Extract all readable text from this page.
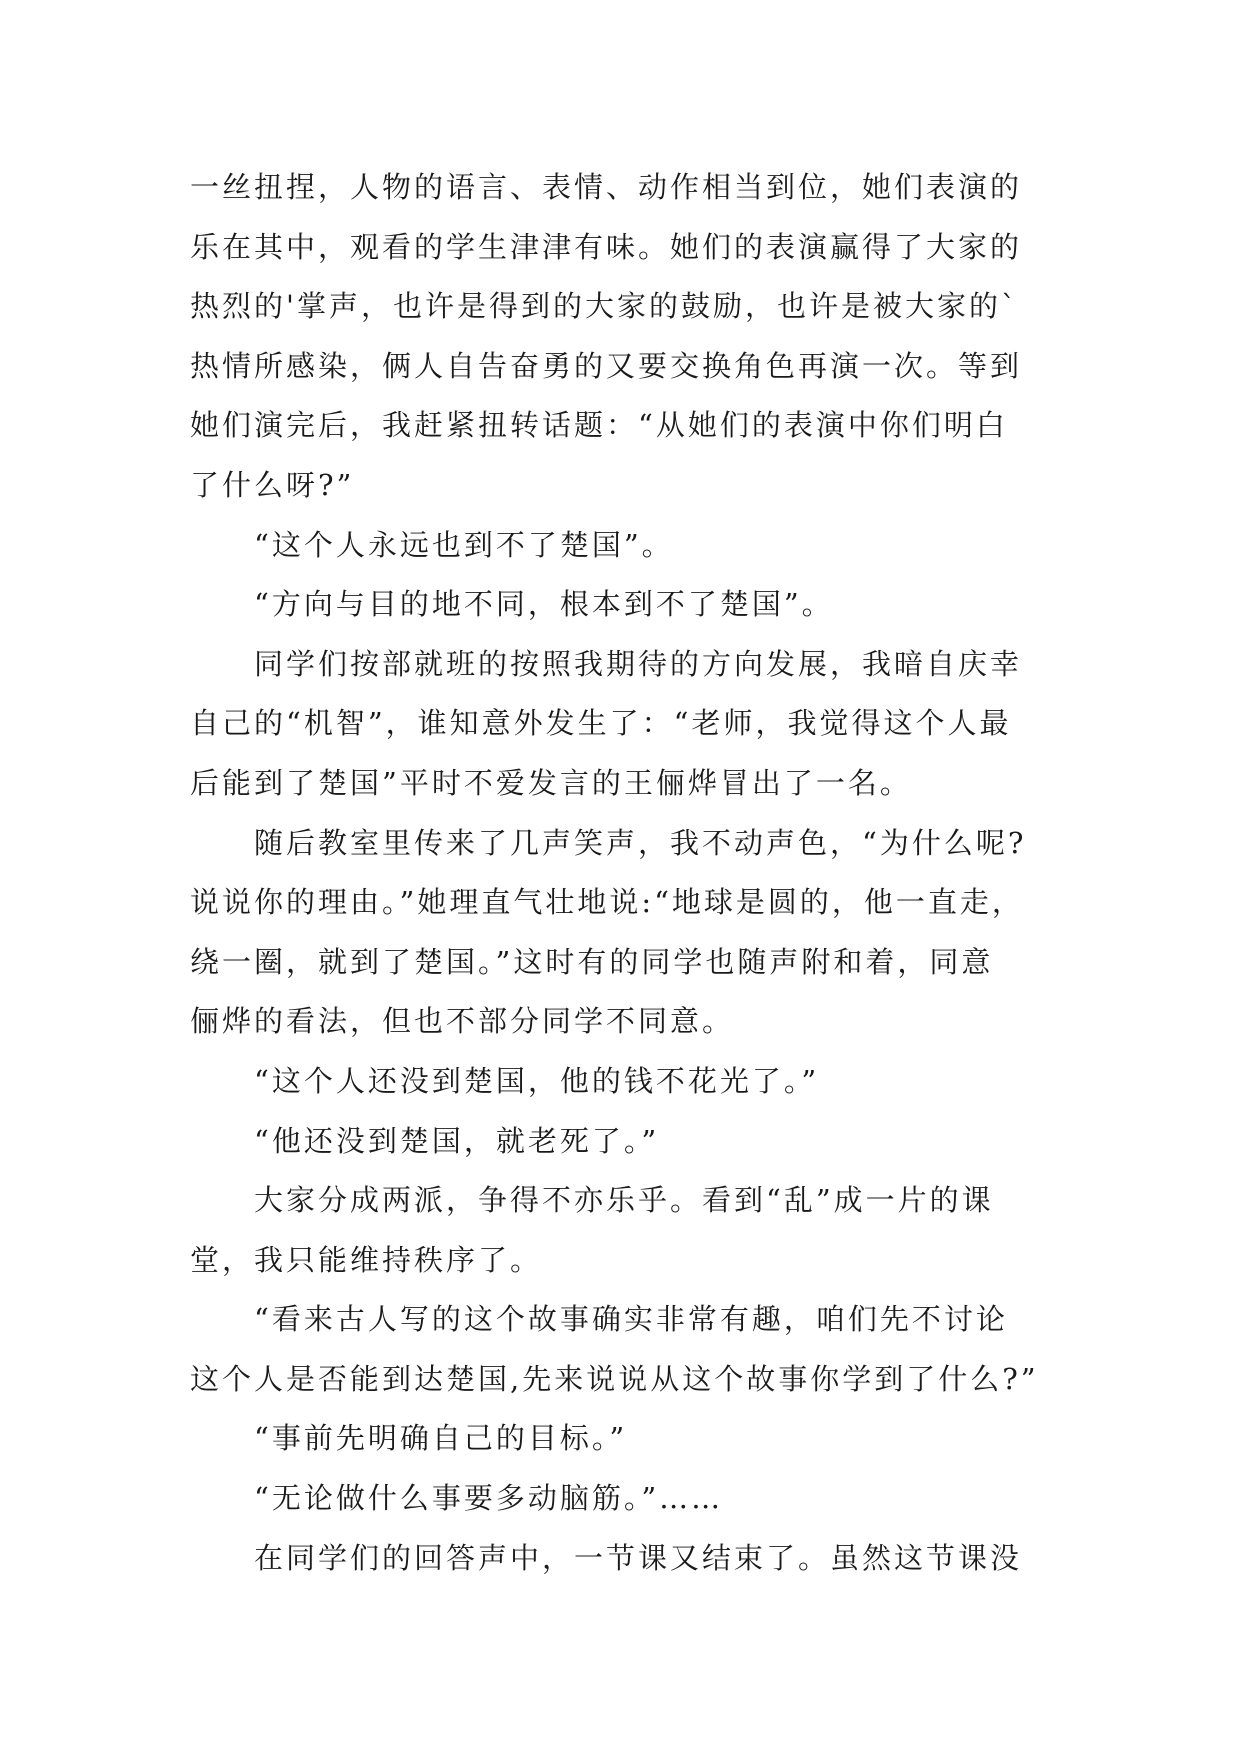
一丝扭捏，人物的语言、表情、动作相当到位，她们表演的
乐在其中，观看的学生津津有味。她们的表演赢得了大家的
热烈的'掌声，也许是得到的大家的鼓励，也许是被大家的`
热情所感染，俩人自告奋勇的又要交换角色再演一次。等到
她们演完后，我赶紧扭转话题：“从她们的表演中你们明白
了什么呀?”
“这个人永远也到不了楚国”。
“方向与目的地不同，根本到不了楚国”。
同学们按部就班的按照我期待的方向发展，我暗自庆幸
自己的“机智”，谁知意外发生了：“老师，我觉得这个人最
后能到了楚国”平时不爱发言的王俪烨冒出了一名。
随后教室里传来了几声笑声，我不动声色，“为什么呢?
说说你的理由。”她理直气壮地说:“地球是圆的，他一直走，
绕一圈，就到了楚国。”这时有的同学也随声附和着，同意
俪烨的看法，但也不部分同学不同意。
“这个人还没到楚国，他的钱不花光了。”
“他还没到楚国，就老死了。”
大家分成两派，争得不亦乐乎。看到“乱”成一片的课
堂，我只能维持秩序了。
“看来古人写的这个故事确实非常有趣，咱们先不讨论
这个人是否能到达楚国,先来说说从这个故事你学到了什么?”
“事前先明确自己的目标。”
“无论做什么事要多动脑筋。”……
在同学们的回答声中，一节课又结束了。虽然这节课没
